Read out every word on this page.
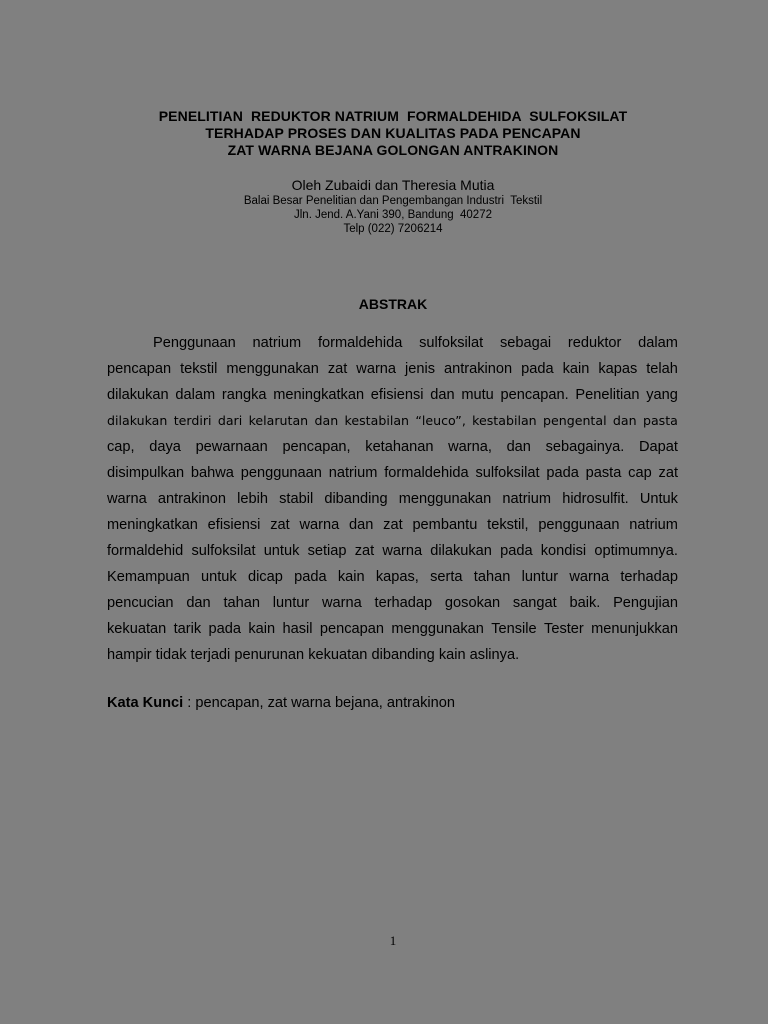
PENELITIAN  REDUKTOR NATRIUM  FORMALDEHIDA  SULFOKSILAT
TERHADAP PROSES DAN KUALITAS PADA PENCAPAN
ZAT WARNA BEJANA GOLONGAN ANTRAKINON
Oleh Zubaidi dan Theresia Mutia
Balai Besar Penelitian dan Pengembangan Industri  Tekstil
Jln. Jend. A.Yani 390, Bandung  40272
Telp (022) 7206214
ABSTRAK
Penggunaan natrium formaldehida sulfoksilat sebagai reduktor dalam
pencapan tekstil menggunakan zat warna jenis antrakinon pada kain kapas telah
dilakukan dalam rangka meningkatkan efisiensi dan mutu pencapan. Penelitian yang
dilakukan terdiri dari kelarutan dan kestabilan “leuco”, kestabilan pengental dan pasta
cap, daya pewarnaan pencapan, ketahanan warna, dan sebagainya. Dapat
disimpulkan bahwa penggunaan natrium formaldehida sulfoksilat pada pasta cap zat
warna antrakinon lebih stabil dibanding menggunakan natrium hidrosulfit. Untuk
meningkatkan efisiensi zat warna dan zat pembantu tekstil, penggunaan natrium
formaldehid sulfoksilat untuk setiap zat warna dilakukan pada kondisi optimumnya.
Kemampuan untuk dicap pada kain kapas, serta tahan luntur warna terhadap
pencucian dan tahan luntur warna terhadap gosokan sangat baik. Pengujian
kekuatan tarik pada kain hasil pencapan menggunakan Tensile Tester menunjukkan
hampir tidak terjadi penurunan kekuatan dibanding kain aslinya.
Kata Kunci : pencapan, zat warna bejana, antrakinon
1
